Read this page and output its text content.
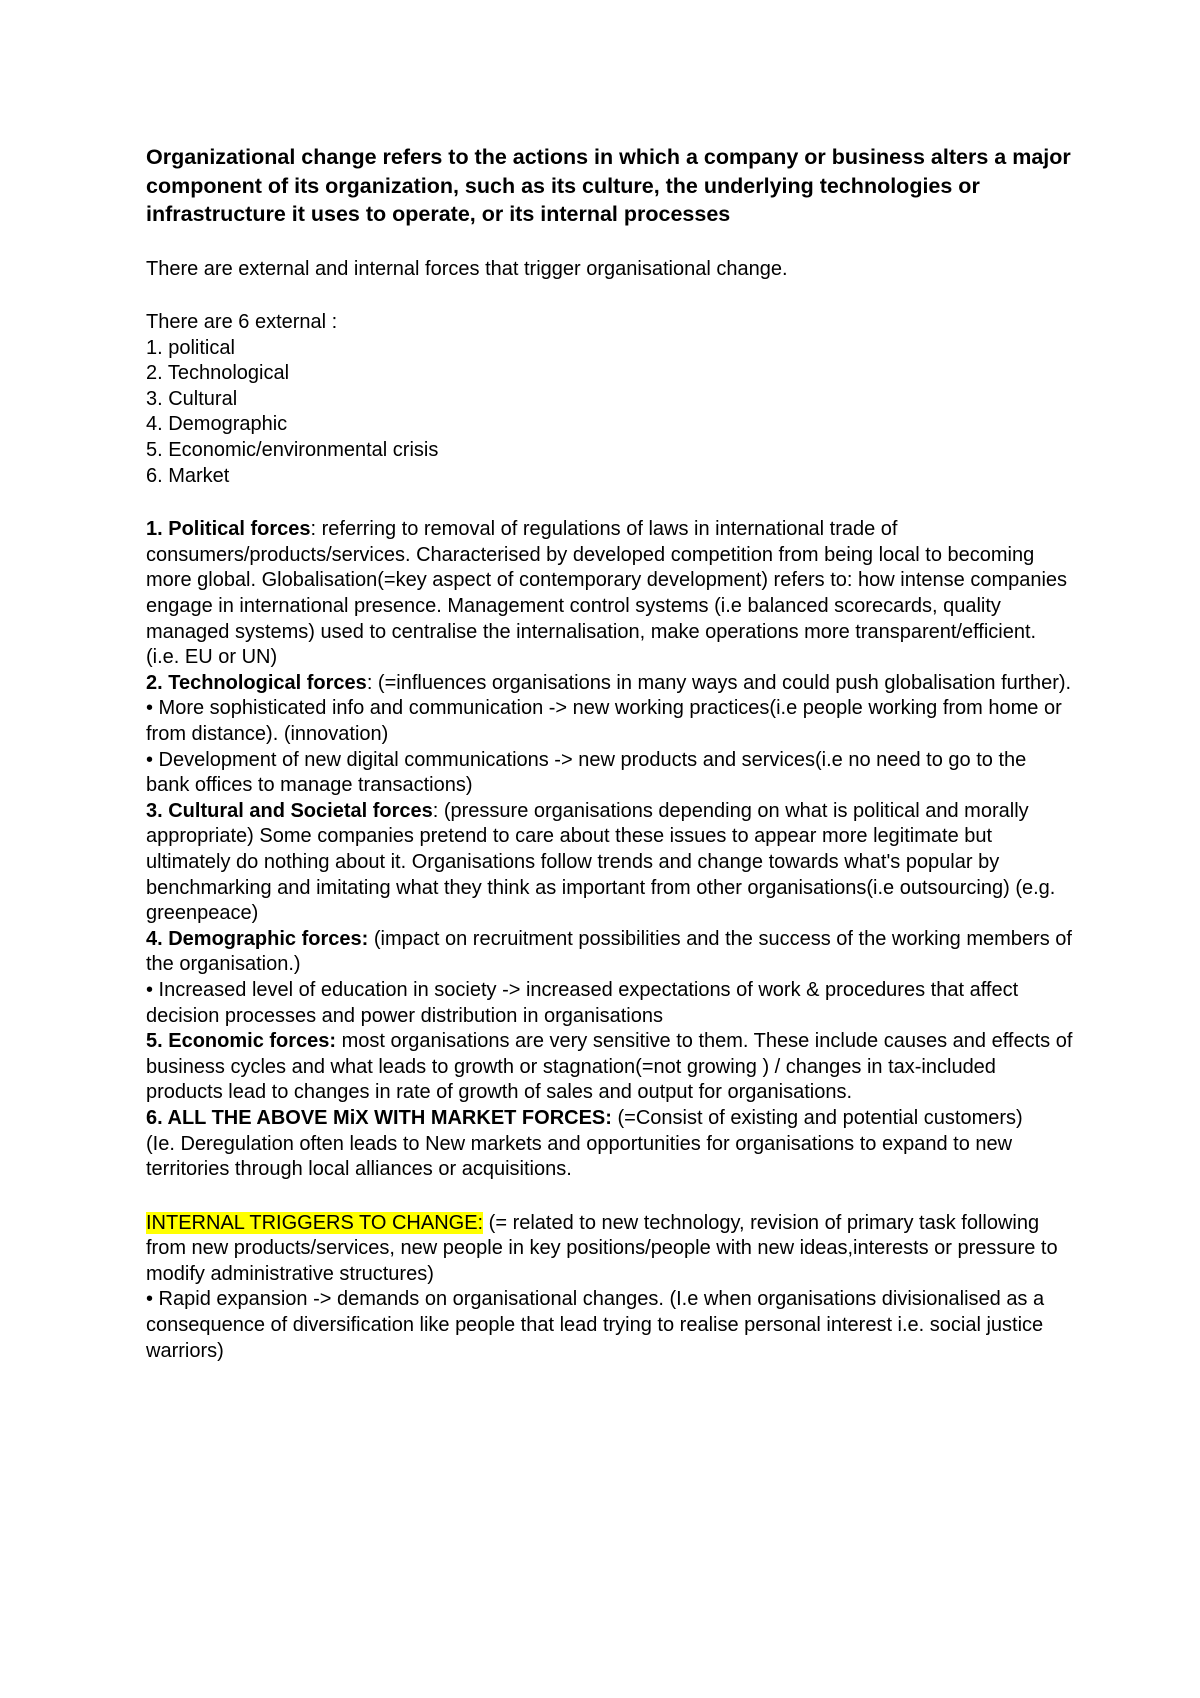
Organizational change refers to the actions in which a company or business alters a major component of its organization, such as its culture, the underlying technologies or infrastructure it uses to operate, or its internal processes

There are external and internal forces that trigger organisational change.

There are 6 external :

1. political
2. Technological
3. Cultural
4. Demographic
5. Economic/environmental crisis
6. Market

1. Political forces: referring to removal of regulations of laws in international trade of consumers/products/services. Characterised by developed competition from being local to becoming more global. Globalisation(=key aspect of contemporary development) refers to: how intense companies engage in international presence. Management control systems (i.e balanced scorecards, quality managed systems) used to centralise the internalisation, make operations more transparent/efficient. (i.e. EU or UN)

2. Technological forces: (=influences organisations in many ways and could push globalisation further).

• More sophisticated info and communication -> new working practices(i.e people working from home or from distance). (innovation)

• Development of new digital communications -> new products and services(i.e no need to go to the bank offices to manage transactions)

3. Cultural and Societal forces: (pressure organisations depending on what is political and morally appropriate) Some companies pretend to care about these issues to appear more legitimate but ultimately do nothing about it. Organisations follow trends and change towards what's popular by benchmarking and imitating what they think as important from other organisations(i.e outsourcing) (e.g. greenpeace)

4. Demographic forces: (impact on recruitment possibilities and the success of the working members of the organisation.)

• Increased level of education in society -> increased expectations of work & procedures that affect decision processes and power distribution in organisations

5. Economic forces: most organisations are very sensitive to them. These include causes and effects of business cycles and what leads to growth or stagnation(=not growing ) / changes in tax-included products lead to changes in rate of growth of sales and output for organisations.

6. ALL THE ABOVE MiX WITH MARKET FORCES: (=Consist of existing and potential customers)

(Ie. Deregulation often leads to New markets and opportunities for organisations to expand to new territories through local alliances or acquisitions.

INTERNAL TRIGGERS TO CHANGE: (= related to new technology, revision of primary task following from new products/services, new people in key positions/people with new ideas,interests or pressure to modify administrative structures)

• Rapid expansion -> demands on organisational changes. (I.e when organisations divisionalised as a consequence of diversification like people that lead trying to realise personal interest i.e. social justice warriors)
